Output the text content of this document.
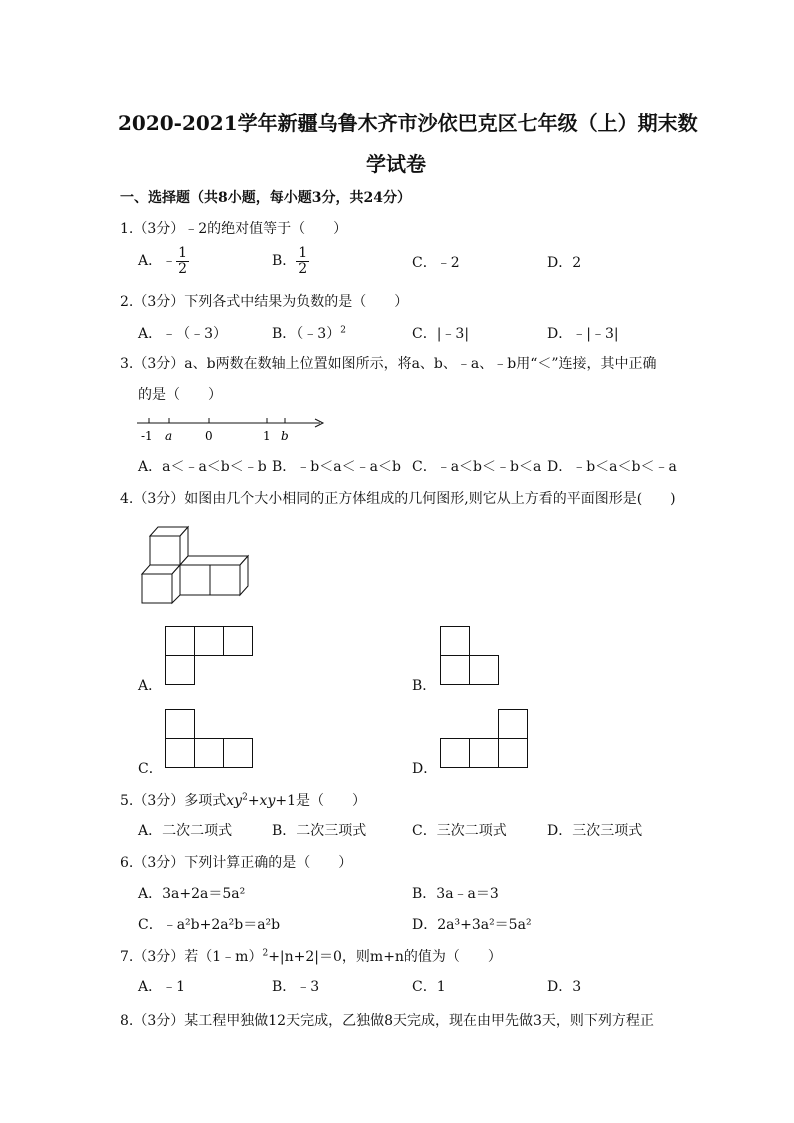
2020-2021学年新疆乌鲁木齐市沙依巴克区七年级（上）期末数
学试卷
一、选择题（共8小题，每小题3分，共24分）
1.（3分）﹣2的绝对值等于（　　）
A．﹣ $\frac{1}{2}$	B． $\frac{1}{2}$	C．﹣2	D．2
2.（3分）下列各式中结果为负数的是（　　）
A．﹣（﹣3）	B．（﹣3）$^2$	C．|﹣3|	D．﹣|﹣3|
3.（3分）a、b两数在数轴上位置如图所示，将a、b、﹣a、﹣b用“＜”连接，其中正确
的是（　　）
-1 a	0	1 b
A．a＜﹣a＜b＜﹣b B．﹣b＜a＜﹣a＜b C．﹣a＜b＜﹣b＜a D．﹣b＜a＜b＜﹣a
4.（3分）如图由几个大小相同的正方体组成的几何图形,则它从上方看的平面图形是(　　)
A．	B．
C．	D．
5.（3分）多项式$xy^2+xy+1$是（　　）
A．二次二项式	B．二次三项式	C．三次二项式	D．三次三项式
6.（3分）下列计算正确的是（　　）
A．3a+2a＝5a²	B．3a﹣a＝3
C．﹣a²b+2a²b＝a²b	D．2a³+3a²＝5a²
7.（3分）若（1﹣m）$^2$+|n+2|＝0，则m+n的值为（　　）
A．﹣1	B．﹣3	C．1	D．3
8.（3分）某工程甲独做12天完成，乙独做8天完成，现在由甲先做3天，则下列方程正
